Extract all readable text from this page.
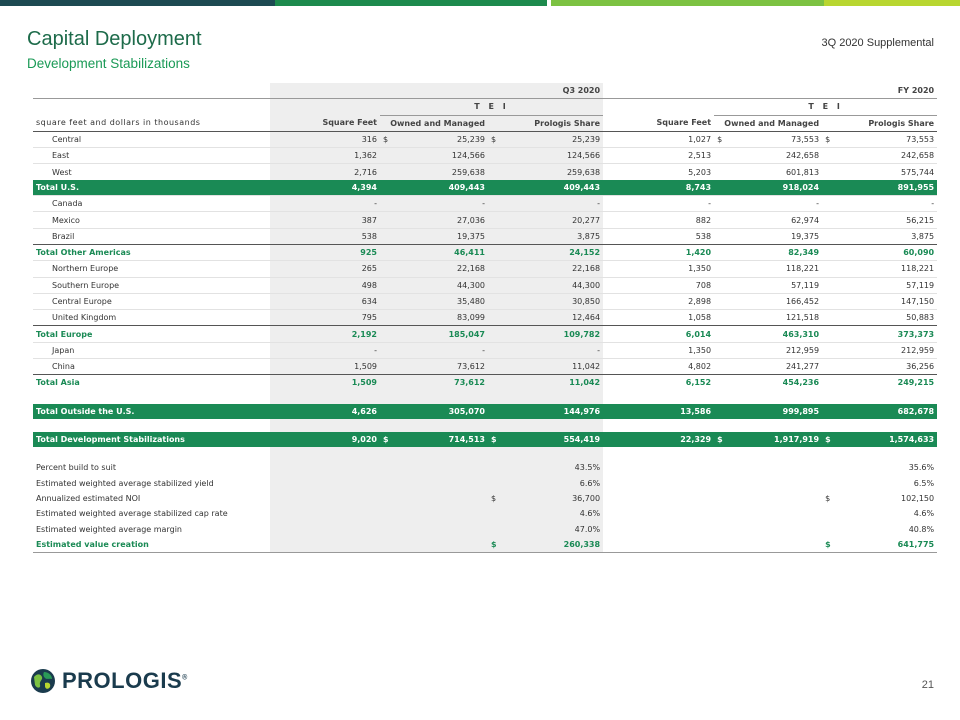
Capital Deployment
Development Stabilizations
3Q 2020 Supplemental
	Q3 2020					FY 2020				
		T E I					T E I			
square feet and dollars in thousands	Square Feet	Owned and Managed		Prologis Share		Square Feet	Owned and Managed		Prologis Share	
Central	316	$	25,239	$	25,239	1,027	$	73,553	$	73,553
East	1,362		124,566		124,566	2,513		242,658		242,658
West	2,716		259,638		259,638	5,203		601,813		575,744
Total U.S.	4,394		409,443		409,443	8,743		918,024		891,955
Canada	-		-		-	-		-		-
Mexico	387		27,036		20,277	882		62,974		56,215
Brazil	538		19,375		3,875	538		19,375		3,875
Total Other Americas	925		46,411		24,152	1,420		82,349		60,090
Northern Europe	265		22,168		22,168	1,350		118,221		118,221
Southern Europe	498		44,300		44,300	708		57,119		57,119
Central Europe	634		35,480		30,850	2,898		166,452		147,150
United Kingdom	795		83,099		12,464	1,058		121,518		50,883
Total Europe	2,192		185,047		109,782	6,014		463,310		373,373
Japan	-		-		-	1,350		212,959		212,959
China	1,509		73,612		11,042	4,802		241,277		36,256
Total Asia	1,509		73,612		11,042	6,152		454,236		249,215

Total Outside the U.S.	4,626		305,070		144,976	13,586		999,895		682,678

Total Development Stabilizations	9,020	$	714,513	$	554,419	22,329	$	1,917,919	$	1,574,633

Percent build to suit					43.5%					35.6%
Estimated weighted average stabilized yield					6.6%					6.5%
Annualized estimated NOI				$	36,700				$	102,150
Estimated weighted average stabilized cap rate					4.6%					4.6%
Estimated weighted average margin					47.0%					40.8%
Estimated value creation				$	260,338				$	641,775

PROLOGIS®
21
